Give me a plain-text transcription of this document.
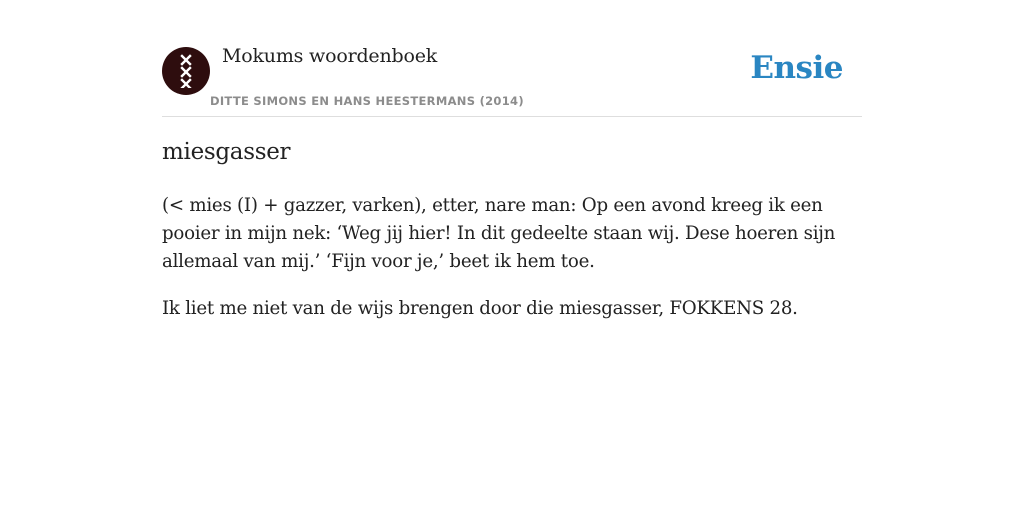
Mokums woordenboek
DITTE SIMONS EN HANS HEESTERMANS (2014)
Ensie
miesgasser

(< mies (I) + gazzer, varken), etter, nare man: Op een avond kreeg ik een pooier in mijn nek: ‘Weg jij hier! In dit gedeelte staan wij. Dese hoeren sijn allemaal van mij.’ ‘Fijn voor je,’ beet ik hem toe.

Ik liet me niet van de wijs brengen door die miesgasser, FOKKENS 28.
